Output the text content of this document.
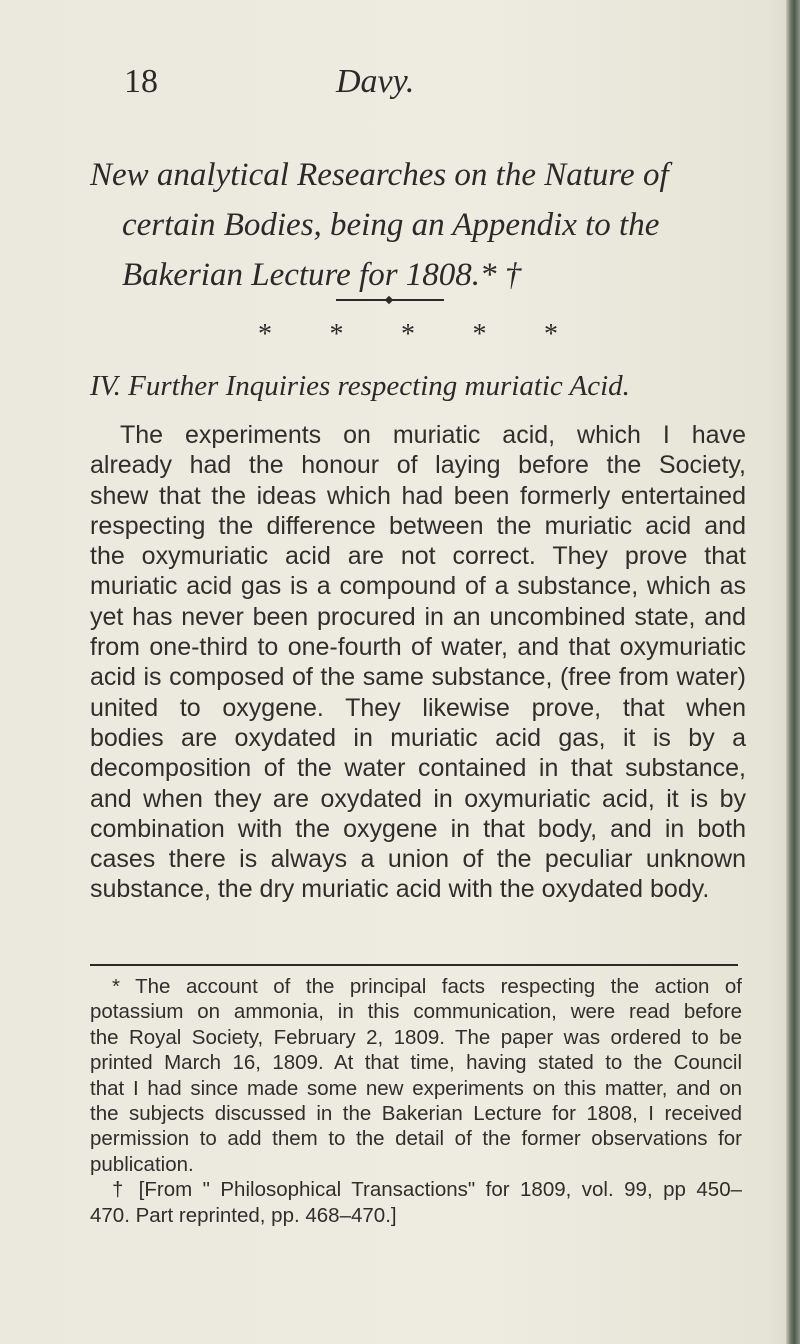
18	Davy.
New analytical Researches on the Nature of
certain Bodies, being an Appendix to the
Bakerian Lecture for 1808.* †
* * * * *
IV. Further Inquiries respecting muriatic Acid.
The experiments on muriatic acid, which I have
already had the honour of laying before the Society,
shew that the ideas which had been formerly entertained
respecting the difference between the muriatic acid and
the oxymuriatic acid are not correct. They prove that
muriatic acid gas is a compound of a substance, which as
yet has never been procured in an uncombined state, and
from one-third to one-fourth of water, and that oxymuriatic
acid is composed of the same substance, (free from water)
united to oxygene. They likewise prove, that when
bodies are oxydated in muriatic acid gas, it is by a
decomposition of the water contained in that substance,
and when they are oxydated in oxymuriatic acid, it is by
combination with the oxygene in that body, and in both
cases there is always a union of the peculiar unknown
substance, the dry muriatic acid with the oxydated body.
* The account of the principal facts respecting the action of
potassium on ammonia, in this communication, were read before
the Royal Society, February 2, 1809. The paper was ordered to be
printed March 16, 1809. At that time, having stated to the Council
that I had since made some new experiments on this matter, and on
the subjects discussed in the Bakerian Lecture for 1808, I received
permission to add them to the detail of the former observations for
publication.
† [From " Philosophical Transactions" for 1809, vol. 99, pp 450–
470. Part reprinted, pp. 468–470.]
